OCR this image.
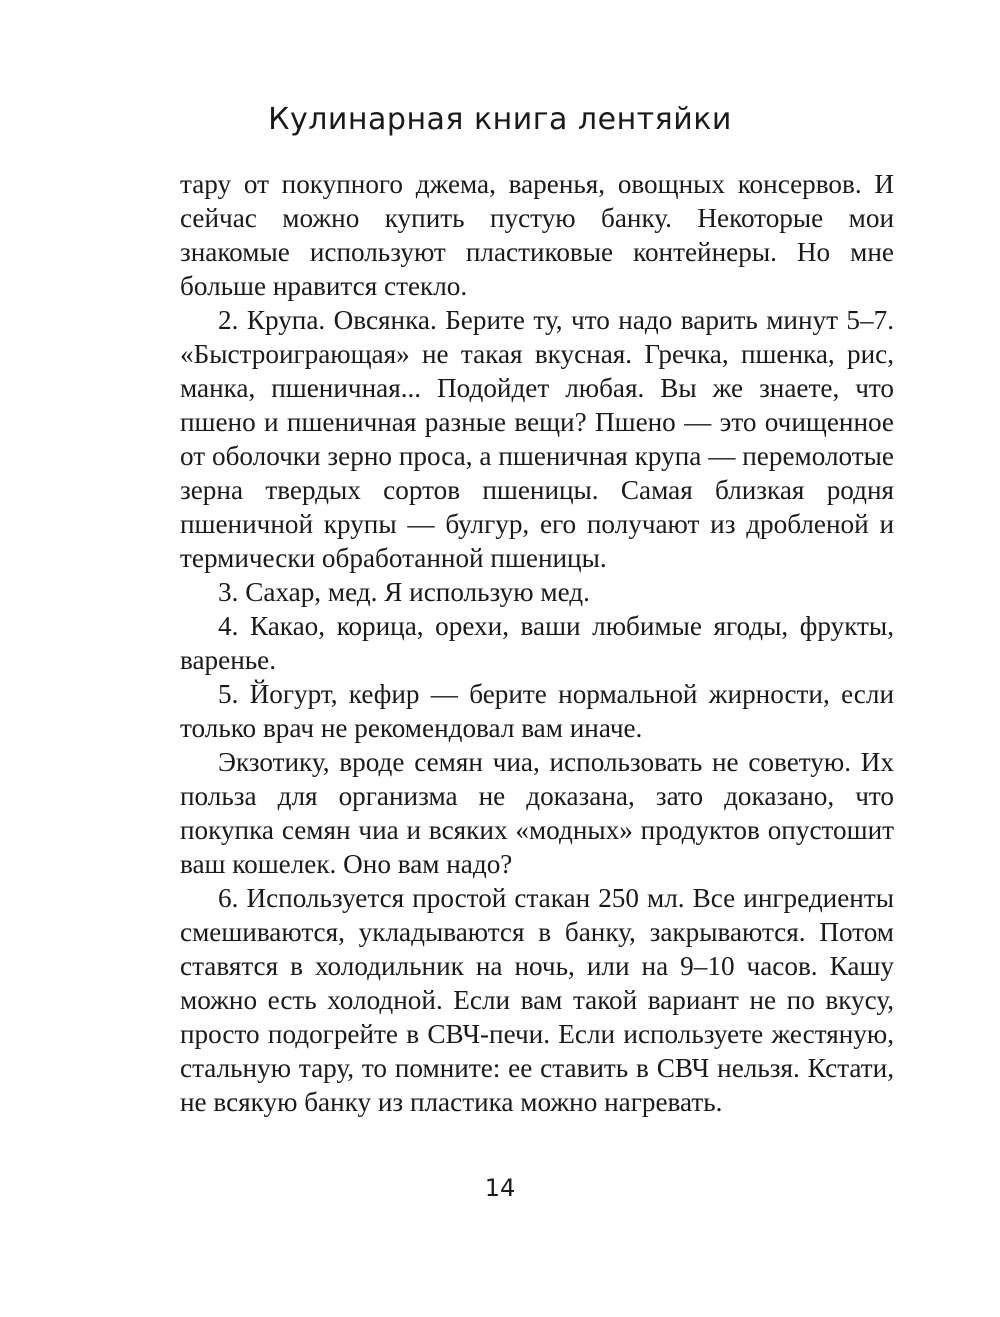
Кулинарная книга лентяйки

тару от покупного джема, варенья, овощных консервов. И сейчас можно купить пустую банку. Некоторые мои знакомые используют пластиковые контейнеры. Но мне больше нравится стекло.

2. Крупа. Овсянка. Берите ту, что надо варить минут 5–7. «Быстроиграющая» не такая вкусная. Гречка, пшенка, рис, манка, пшеничная... Подойдет любая. Вы же знаете, что пшено и пшеничная разные вещи? Пшено — это очищенное от оболочки зерно проса, а пшеничная крупа — перемолотые зерна твердых сортов пшеницы. Самая близкая родня пшеничной крупы — булгур, его получают из дробленой и термически обработанной пшеницы.

3. Сахар, мед. Я использую мед.

4. Какао, корица, орехи, ваши любимые ягоды, фрукты, варенье.

5. Йогурт, кефир — берите нормальной жирности, если только врач не рекомендовал вам иначе.

Экзотику, вроде семян чиа, использовать не советую. Их польза для организма не доказана, зато доказано, что покупка семян чиа и всяких «модных» продуктов опустошит ваш кошелек. Оно вам надо?

6. Используется простой стакан 250 мл. Все ингредиенты смешиваются, укладываются в банку, закрываются. Потом ставятся в холодильник на ночь, или на 9–10 часов. Кашу можно есть холодной. Если вам такой вариант не по вкусу, просто подогрейте в СВЧ-печи. Если используете жестяную, стальную тару, то помните: ее ставить в СВЧ нельзя. Кстати, не всякую банку из пластика можно нагревать.

14
